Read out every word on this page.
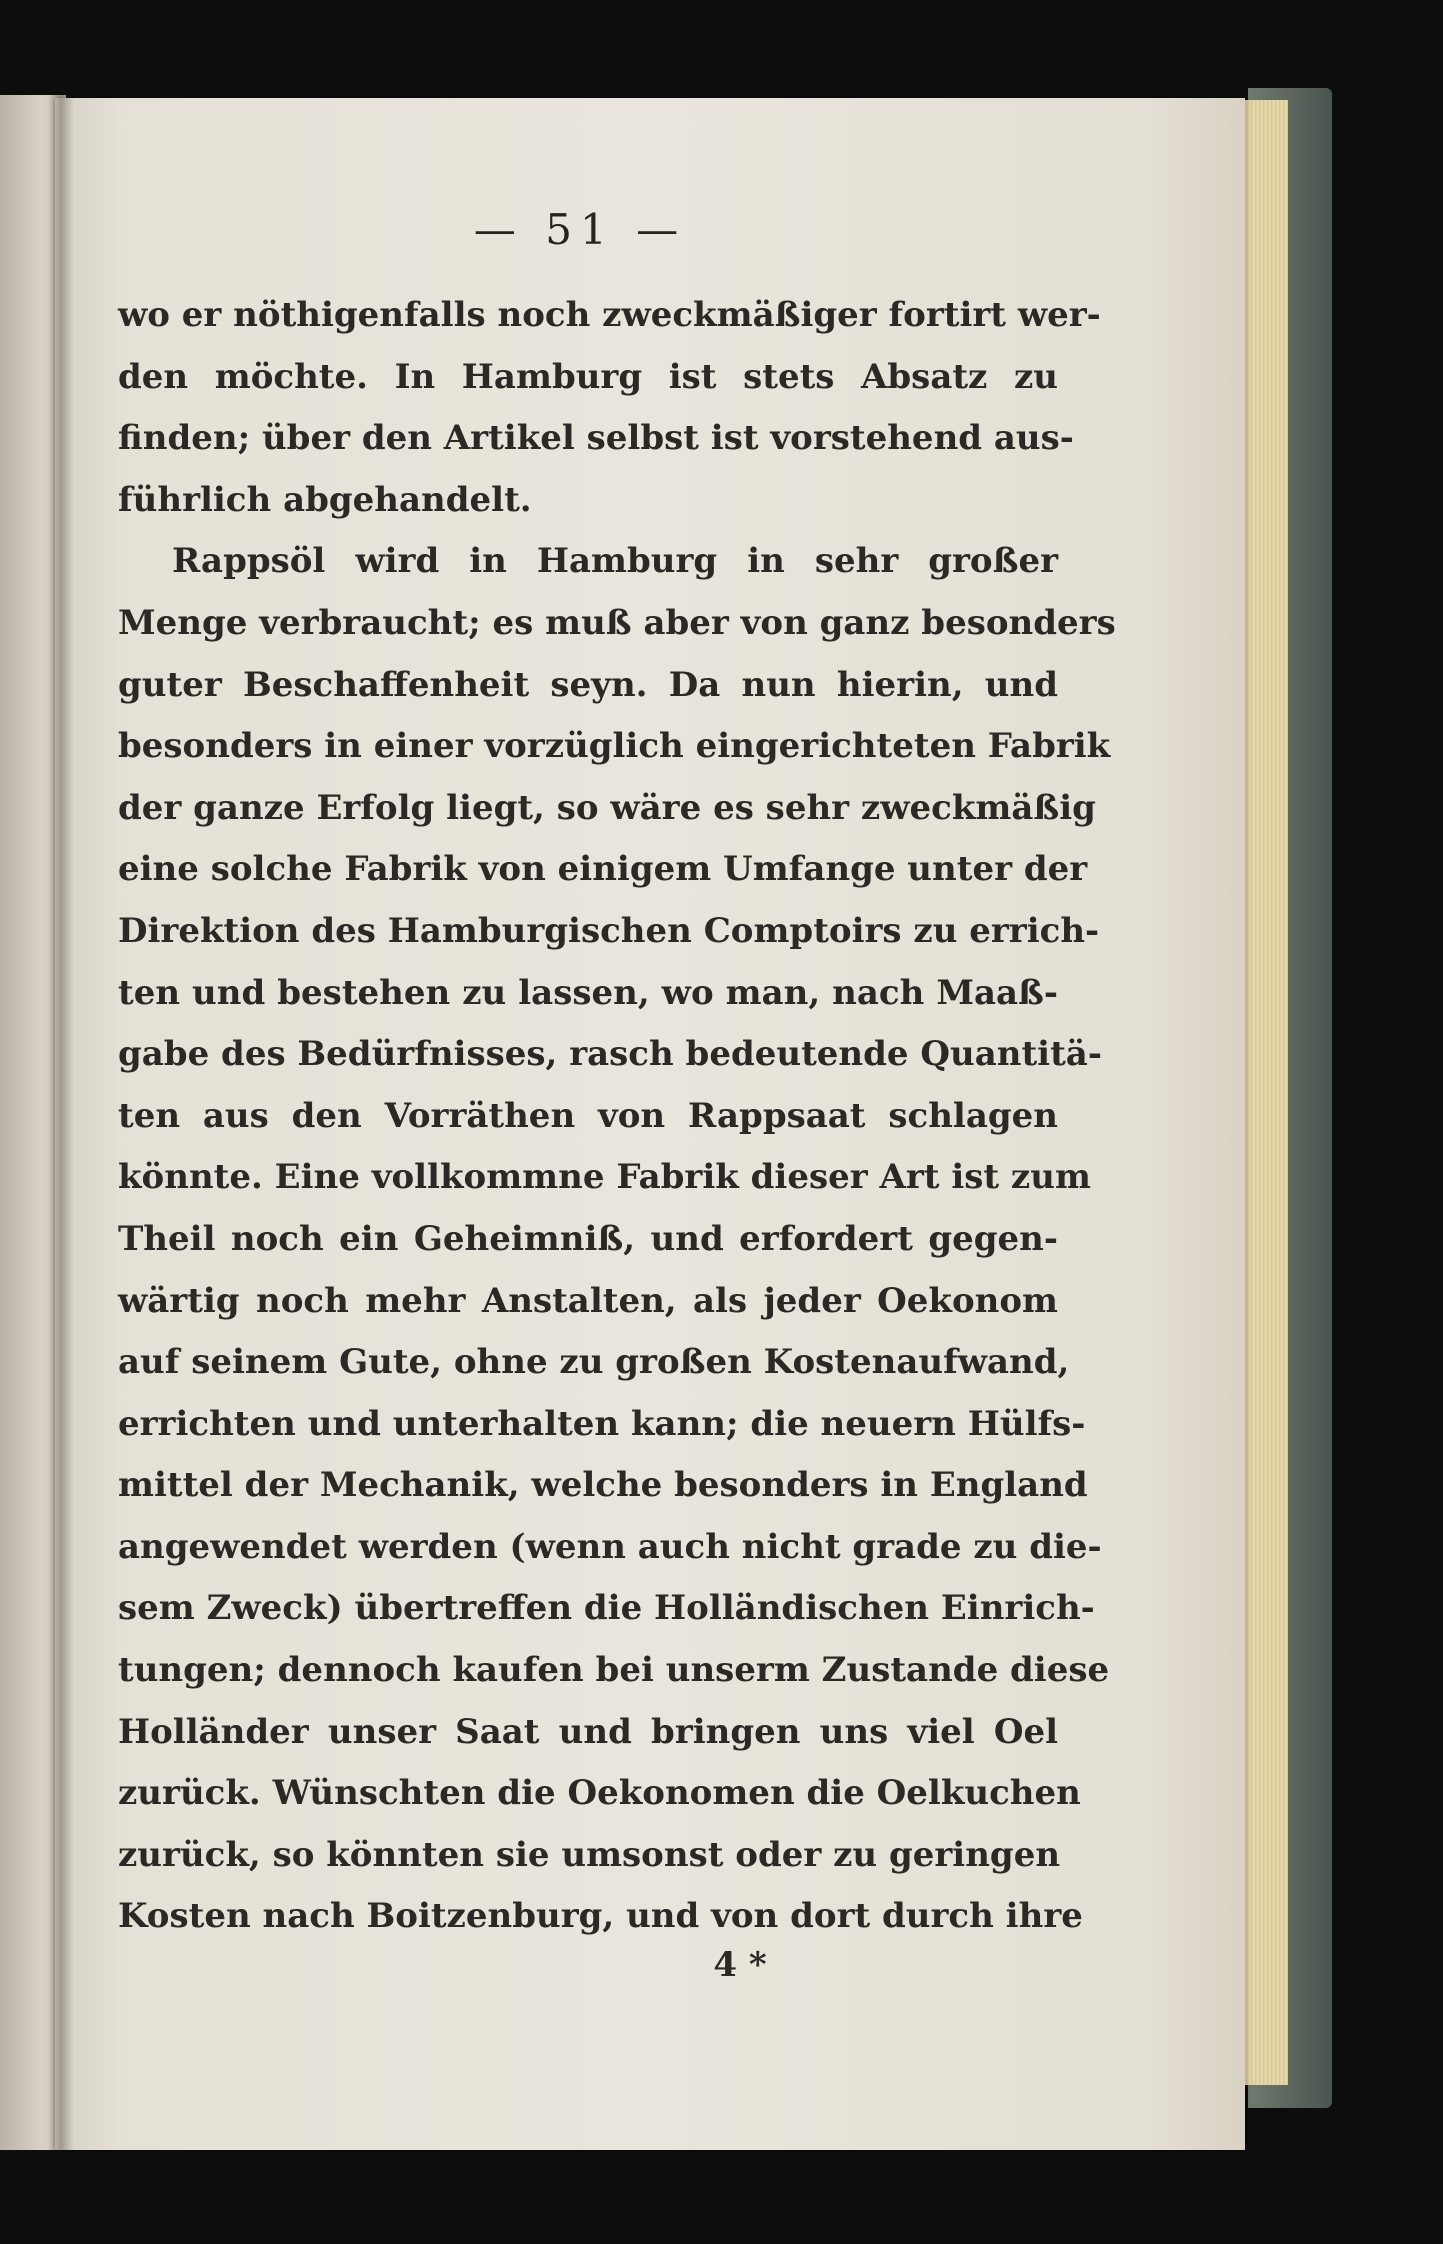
— 51 —
wo er nöthigenfalls noch zweckmäßiger fortirt wer-
den möchte. In Hamburg ist stets Absatz zu
finden; über den Artikel selbst ist vorstehend aus-
führlich abgehandelt.
Rappsöl wird in Hamburg in sehr großer
Menge verbraucht; es muß aber von ganz besonders
guter Beschaffenheit seyn. Da nun hierin, und
besonders in einer vorzüglich eingerichteten Fabrik
der ganze Erfolg liegt, so wäre es sehr zweckmäßig
eine solche Fabrik von einigem Umfange unter der
Direktion des Hamburgischen Comptoirs zu errich-
ten und bestehen zu lassen, wo man, nach Maaß-
gabe des Bedürfnisses, rasch bedeutende Quantitä-
ten aus den Vorräthen von Rappsaat schlagen
könnte. Eine vollkommne Fabrik dieser Art ist zum
Theil noch ein Geheimniß, und erfordert gegen-
wärtig noch mehr Anstalten, als jeder Oekonom
auf seinem Gute, ohne zu großen Kostenaufwand,
errichten und unterhalten kann; die neuern Hülfs-
mittel der Mechanik, welche besonders in England
angewendet werden (wenn auch nicht grade zu die-
sem Zweck) übertreffen die Holländischen Einrich-
tungen; dennoch kaufen bei unserm Zustande diese
Holländer unser Saat und bringen uns viel Oel
zurück. Wünschten die Oekonomen die Oelkuchen
zurück, so könnten sie umsonst oder zu geringen
Kosten nach Boitzenburg, und von dort durch ihre
4 *
